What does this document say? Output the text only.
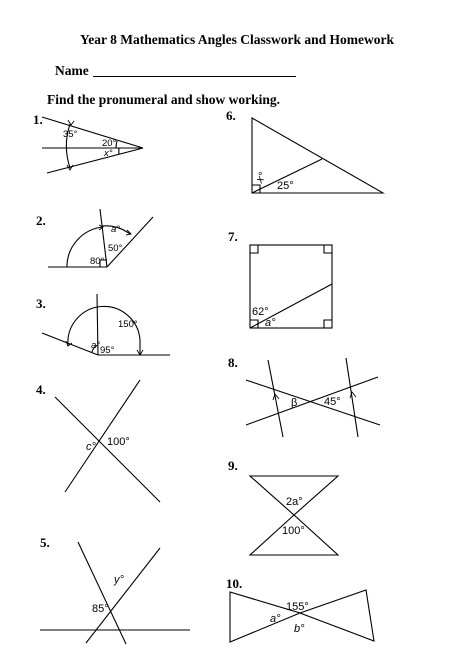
Year 8 Mathematics Angles Classwork and Homework
Name
Find the pronumeral and show working.
1.
2.
3.
4.
5.
6.
7.
8.
9.
10.
35°
20°
x°
a°
50°
80°
150°
a° 95°
c° 100°
y°
85°
x°
25°
62°
a°
β 45°
2a°
100°
155°
a°
b°
